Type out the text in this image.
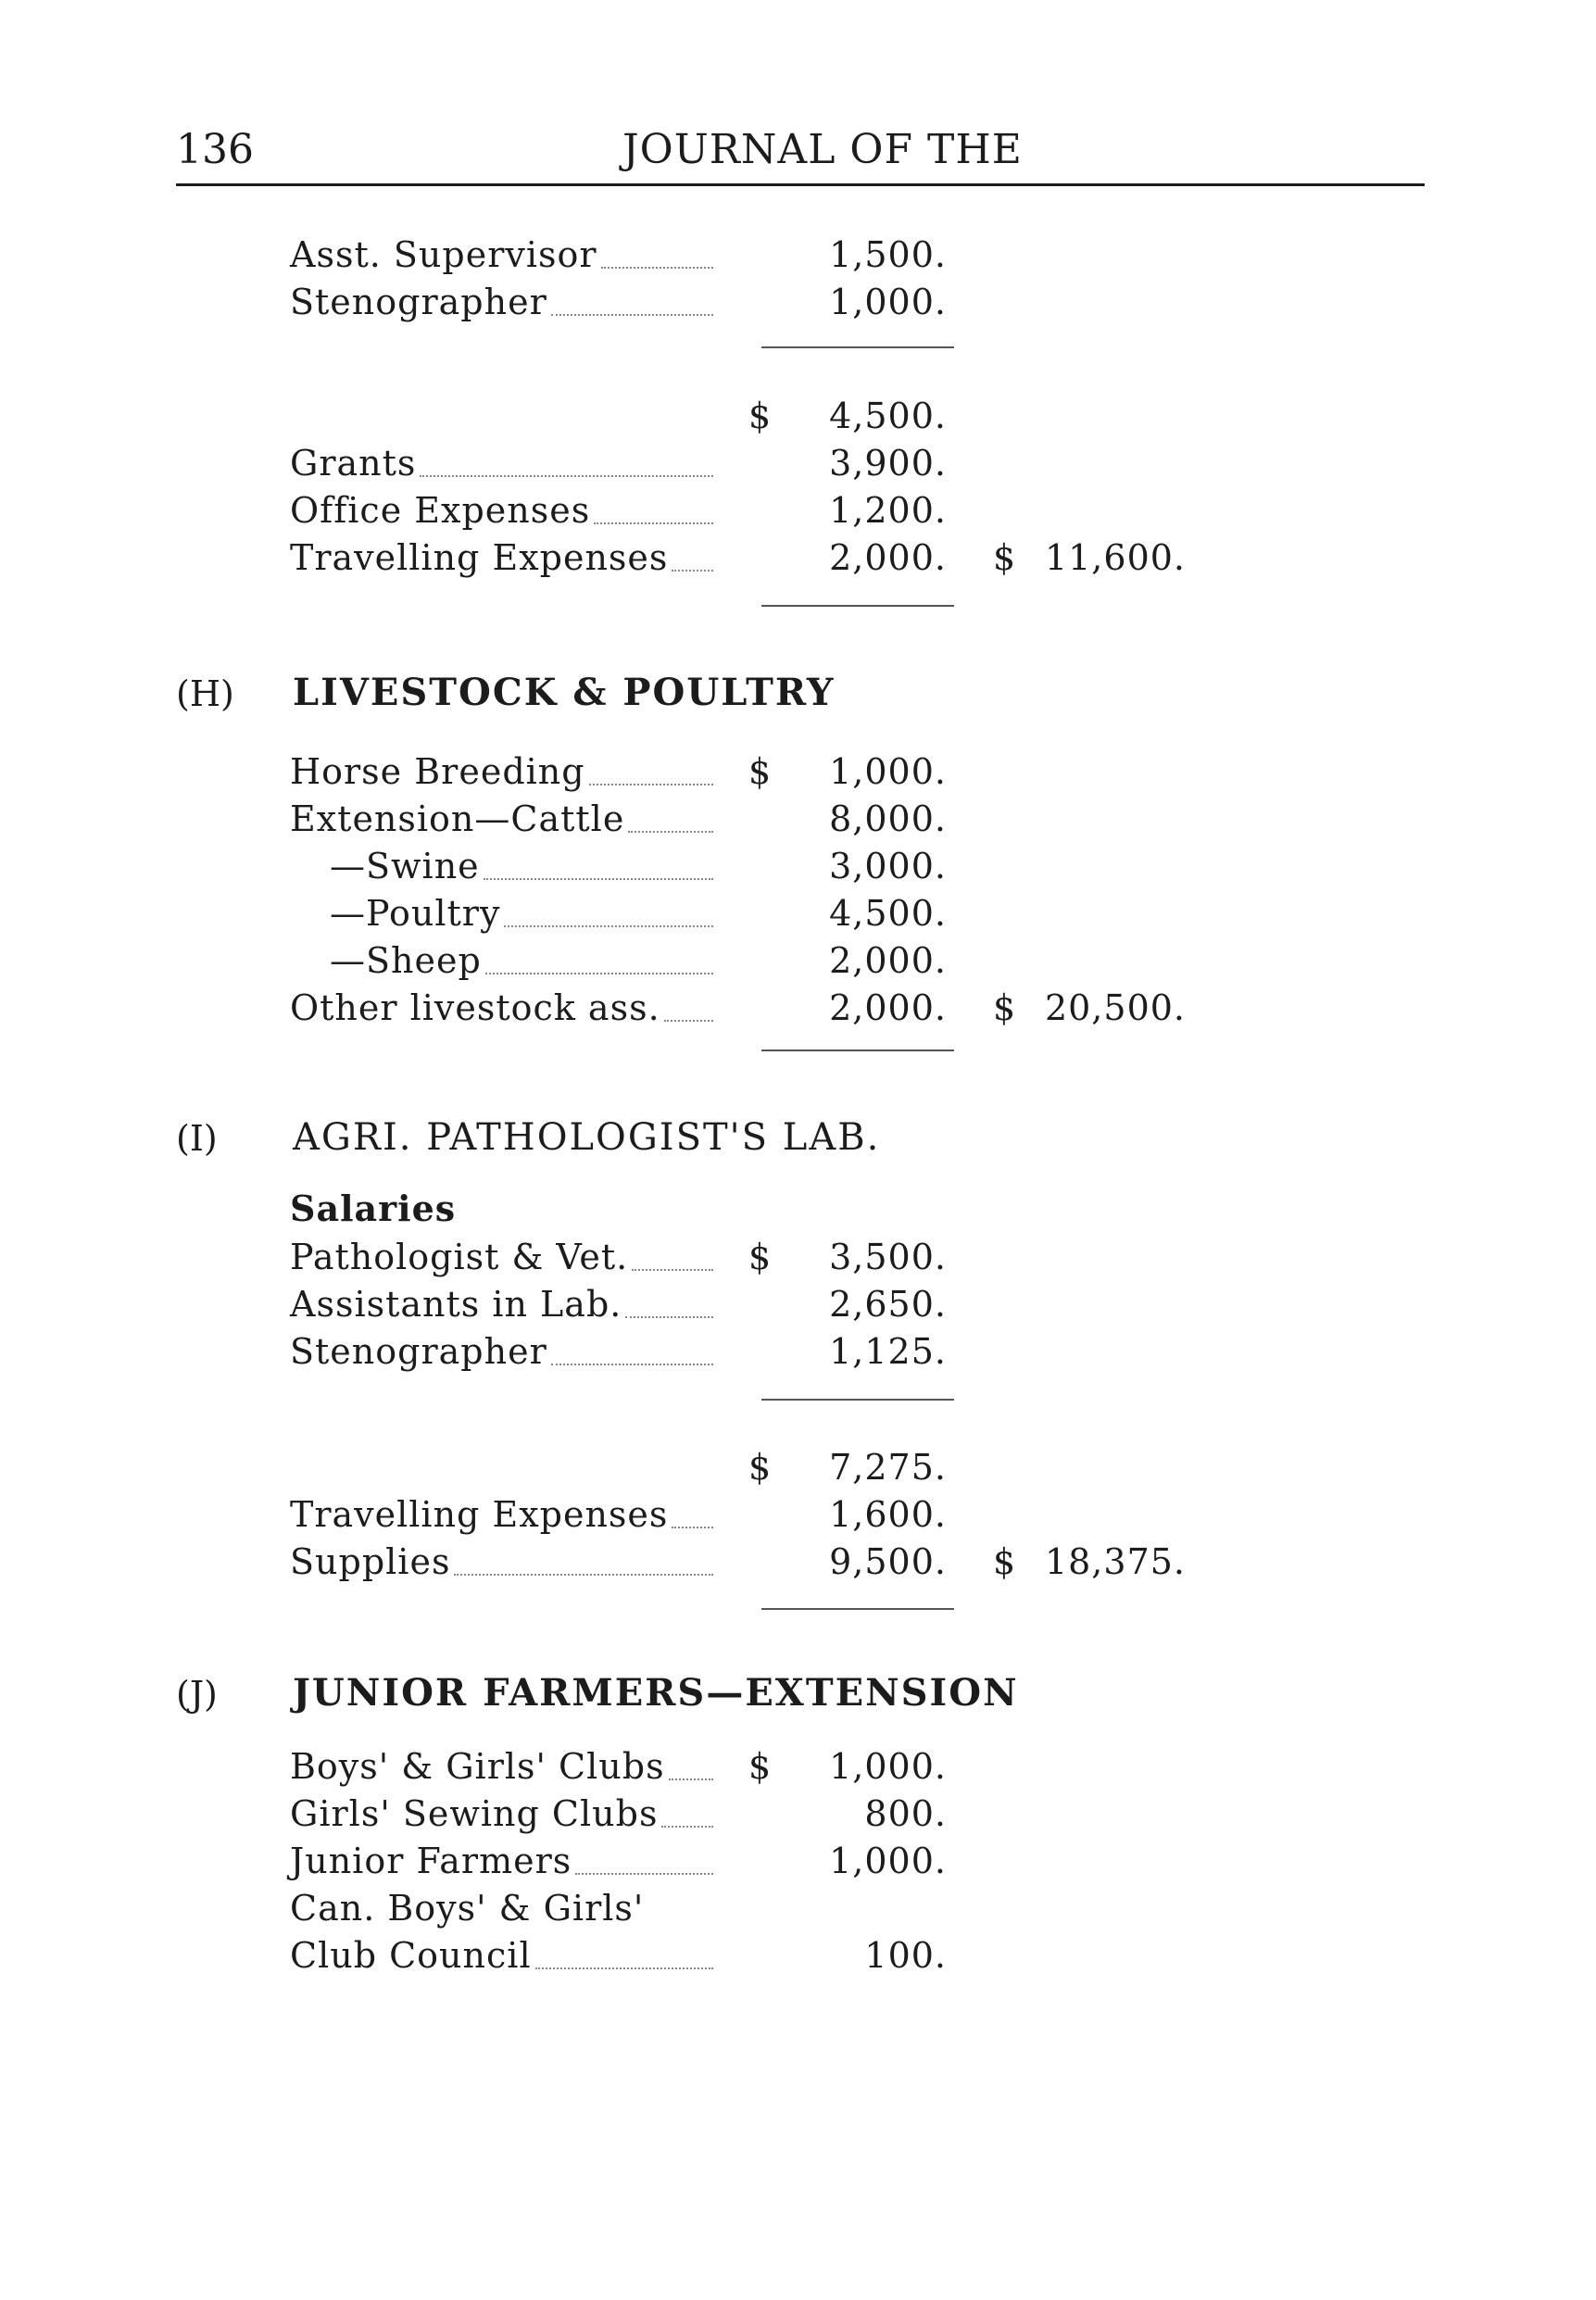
136	JOURNAL OF THE
Asst. Supervisor	1,500.
Stenographer	1,000.
$ 4,500.
Grants	3,900.
Office Expenses	1,200.
Travelling Expenses	2,000. $ 11,600.
(H) LIVESTOCK & POULTRY
Horse Breeding	$ 1,000.
Extension—Cattle	8,000.
—Swine	3,000.
—Poultry	4,500.
—Sheep	2,000.
Other livestock ass.	2,000. $ 20,500.
(I) AGRI. PATHOLOGIST'S LAB.
Salaries
Pathologist & Vet.	$ 3,500.
Assistants in Lab.	2,650.
Stenographer	1,125.
$ 7,275.
Travelling Expenses	1,600.
Supplies	9,500. $ 18,375.
(J) JUNIOR FARMERS—EXTENSION
Boys' & Girls' Clubs $ 1,000.
Girls' Sewing Clubs	800.
Junior Farmers	1,000.
Can. Boys' & Girls'
Club Council	100.
